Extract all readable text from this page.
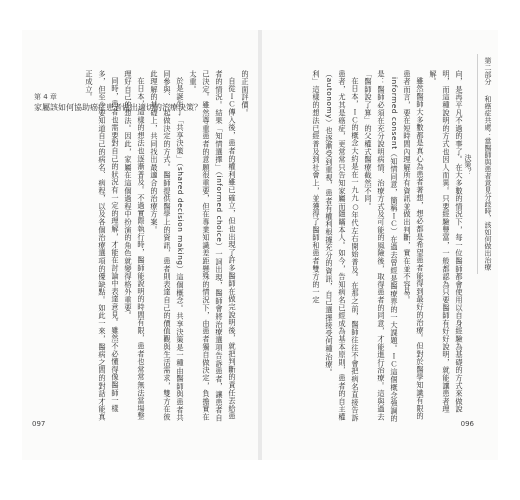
第 4 章
家屬該如何協助癌症患者做出適切的治療決策？	的正面評價。

自從ＩＣ傳入後，患者的權利雖已確立，但也出現了許多醫師在做完說明後，就把判斷的責任丟給患者的情況。結果「知情選擇」（informed choice）一詞出現，醫師會將治療選項告訴患者，讓患者自己決定。雖然尊重患者的意願很重要，但在專業知識差距懸殊的情況下，由患者獨自做決定，負擔實在太重。

於是誕生了「共享決策」（shared decision making）這個概念。共享決策是一種由醫師與患者共同參與、一起做決定的方式。醫師提供醫學上的資訊，患者則表達自己的價值觀與生活需求，雙方在彼此理解的基礎上，共同找出最適合的治療方案。

在日本，這樣的想法也逐漸普及。不過實際執行時，醫師能說明的時間有限，患者也常常無法當場整理好自己的想法。因此，家屬在這個過程中扮演的角色就變得格外重要。

同時，患者也需要對自己的狀況有一定的理解，才能在討論中表達意見。雖然不必懂得像醫師一樣多，但至少要知道自己的病名、病程，以及各個治療選項的優缺點。如此一來，醫病之間的對話才能真正成立。

097

向，是再平凡不過的事了。在大多數的情況下，每一位醫師都會使用以自身經驗為基礎的方式來做說明，而這種說明的方式也因人而異。只要經驗豐富，一般都認為只要醫師有好好說明，就能讓患者理解。

雖然醫師大多數都是真心為患者著想，想必都是希望患者能得到最好的治療。但對於醫學知識有限的患者而言，要在短時間內理解所有資訊並做出判斷，實在並不容易。

informed consent（知情同意，簡稱ＩＣ）在過去曾經是醫療界的一大課題。ＩＣ這個概念強調的是：醫師必須在充分說明病情、治療方式及可能的風險後，取得患者的同意，才能進行治療。這與過去「醫師說了算」的父權式醫療截然不同。

在日本，ＩＣ的概念大約是在一九九○年代左右開始普及。在那之前，醫師往往不會把病名直接告訴患者，尤其是癌症，更常常只告知家屬而隱瞞本人。如今，告知病名已經成為基本原則，患者的自主權（autonomy）也逐漸受到重視，患者有權利根據充分的資訊，自己選擇接受何種治療。

利」這樣的想法已經普及到社會上，並獲得了醫師和患者雙方的一定	第二部分  和癌症共處：當醫師與患者意見分歧時，該如何做出治療決策？
096
